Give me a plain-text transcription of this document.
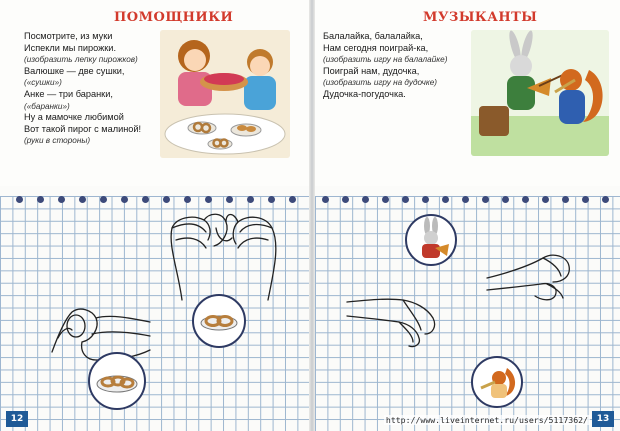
ПОМОЩНИКИ
Посмотрите, из муки
Испекли мы пирожки.
(изобразить лепку пирожков)
Валюшке — две сушки,
(«сушки»)
Анке — три баранки,
(«баранки»)
Ну а мамочке любимой
Вот такой пирог с малиной!
(руки в стороны)
12
МУЗЫКАНТЫ
Балалайка, балалайка,
Нам сегодня поиграй-ка,
(изобразить игру на балалайке)
Поиграй нам, дудочка,
(изобразить игру на дудочке)
Дудочка-погудочка.
13
http://www.liveinternet.ru/users/5117362/
